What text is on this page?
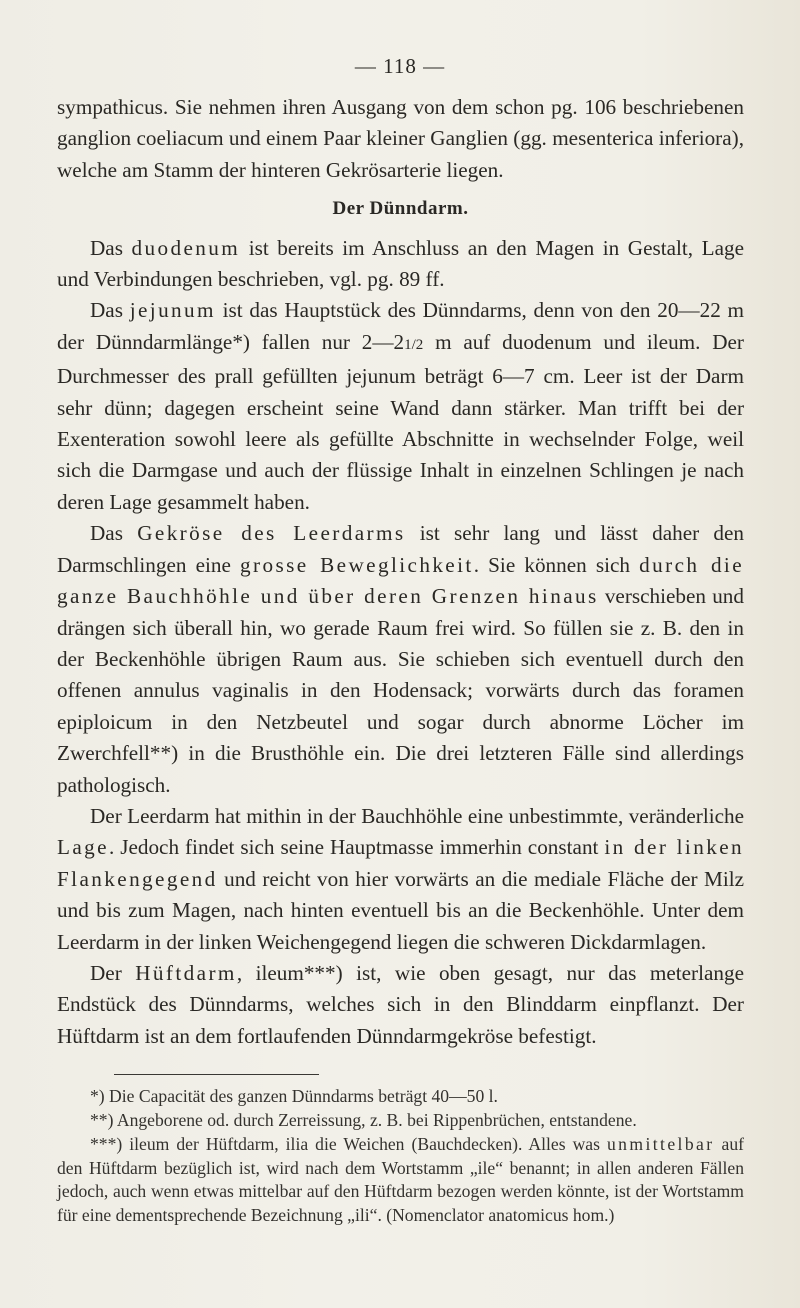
— 118 —

sympathicus. Sie nehmen ihren Ausgang von dem schon pg. 106 beschriebenen ganglion coeliacum und einem Paar kleiner Ganglien (gg. mesenterica inferiora), welche am Stamm der hinteren Gekrösarterie liegen.

Der Dünndarm.

Das duodenum ist bereits im Anschluss an den Magen in Gestalt, Lage und Verbindungen beschrieben, vgl. pg. 89 ff.

Das jejunum ist das Hauptstück des Dünndarms, denn von den 20—22 m der Dünndarmlänge*) fallen nur 2—21/2 m auf duodenum und ileum. Der Durchmesser des prall gefüllten jejunum beträgt 6—7 cm. Leer ist der Darm sehr dünn; dagegen erscheint seine Wand dann stärker. Man trifft bei der Exenteration sowohl leere als gefüllte Abschnitte in wechselnder Folge, weil sich die Darmgase und auch der flüssige Inhalt in einzelnen Schlingen je nach deren Lage gesammelt haben.

Das Gekröse des Leerdarms ist sehr lang und lässt daher den Darmschlingen eine grosse Beweglichkeit. Sie können sich durch die ganze Bauchhöhle und über deren Grenzen hinaus verschieben und drängen sich überall hin, wo gerade Raum frei wird. So füllen sie z. B. den in der Beckenhöhle übrigen Raum aus. Sie schieben sich eventuell durch den offenen annulus vaginalis in den Hodensack; vorwärts durch das foramen epiploicum in den Netzbeutel und sogar durch abnorme Löcher im Zwerchfell**) in die Brusthöhle ein. Die drei letzteren Fälle sind allerdings pathologisch.

Der Leerdarm hat mithin in der Bauchhöhle eine unbestimmte, veränderliche Lage. Jedoch findet sich seine Hauptmasse immerhin constant in der linken Flankengegend und reicht von hier vorwärts an die mediale Fläche der Milz und bis zum Magen, nach hinten eventuell bis an die Beckenhöhle. Unter dem Leerdarm in der linken Weichengegend liegen die schweren Dickdarmlagen.

Der Hüftdarm, ileum***) ist, wie oben gesagt, nur das meterlange Endstück des Dünndarms, welches sich in den Blinddarm einpflanzt. Der Hüftdarm ist an dem fortlaufenden Dünndarmgekröse befestigt.

*) Die Capacität des ganzen Dünndarms beträgt 40—50 l.

**) Angeborene od. durch Zerreissung, z. B. bei Rippenbrüchen, entstandene.

***) ileum der Hüftdarm, ilia die Weichen (Bauchdecken). Alles was unmittelbar auf den Hüftdarm bezüglich ist, wird nach dem Wortstamm „ile“ benannt; in allen anderen Fällen jedoch, auch wenn etwas mittelbar auf den Hüftdarm bezogen werden könnte, ist der Wortstamm für eine dementsprechende Bezeichnung „ili“. (Nomenclator anatomicus hom.)
